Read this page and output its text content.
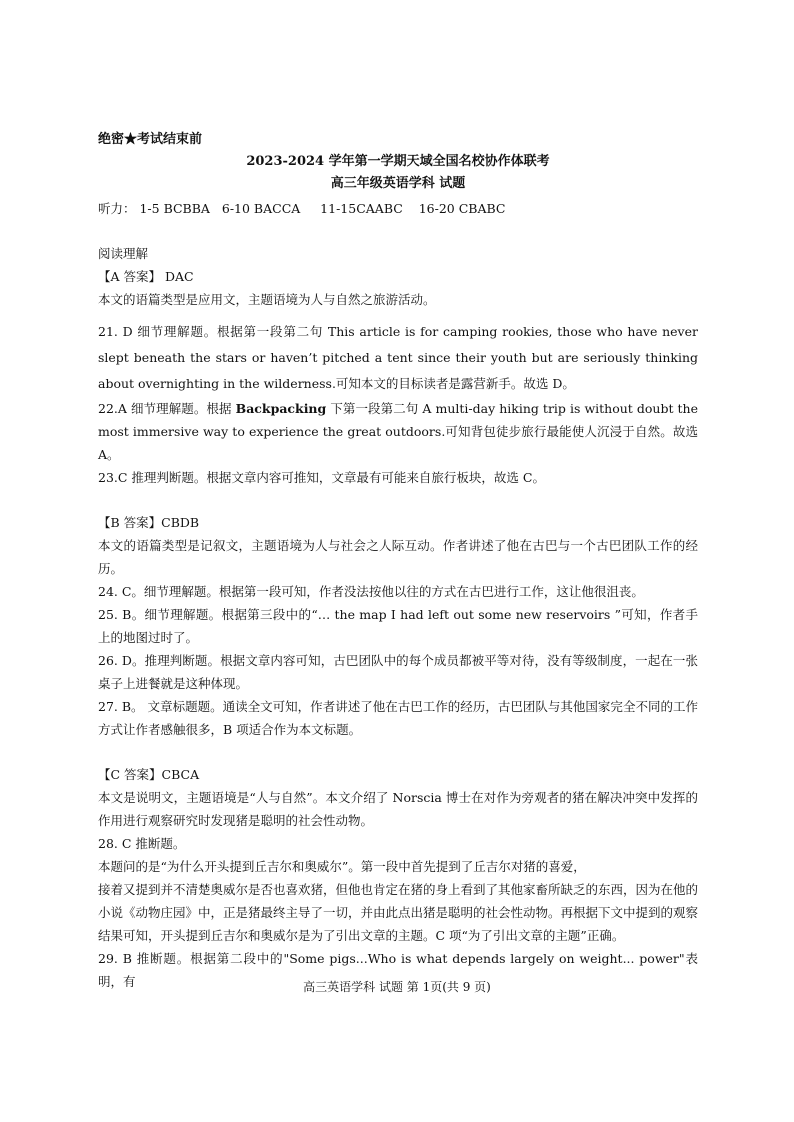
绝密★考试结束前
2023-2024 学年第一学期天域全国名校协作体联考
高三年级英语学科 试题
听力： 1-5 BCBBA   6-10 BACCA     11-15CAABC    16-20 CBABC
阅读理解
【A 答案】 DAC

本文的语篇类型是应用文，主题语境为人与自然之旅游活动。

21. D 细节理解题。根据第一段第二句 This article is for camping rookies, those who have never slept beneath the stars or haven’t pitched a tent since their youth but are seriously thinking about overnighting in the wilderness.可知本文的目标读者是露营新手。故选 D。

22.A 细节理解题。根据 Backpacking 下第一段第二句 A multi-day hiking trip is without doubt the most immersive way to experience the great outdoors.可知背包徒步旅行最能使人沉浸于自然。故选 A。

23.C 推理判断题。根据文章内容可推知，文章最有可能来自旅行板块，故选 C。

【B 答案】CBDB

本文的语篇类型是记叙文，主题语境为人与社会之人际互动。作者讲述了他在古巴与一个古巴团队工作的经历。

24. C。细节理解题。根据第一段可知，作者没法按他以往的方式在古巴进行工作，这让他很沮丧。

25. B。细节理解题。根据第三段中的“… the map I had left out some new reservoirs ”可知，作者手上的地图过时了。

26. D。推理判断题。根据文章内容可知，古巴团队中的每个成员都被平等对待，没有等级制度，一起在一张桌子上进餐就是这种体现。

27. B。 文章标题题。通读全文可知，作者讲述了他在古巴工作的经历，古巴团队与其他国家完全不同的工作方式让作者感触很多，B 项适合作为本文标题。

【C 答案】CBCA

本文是说明文，主题语境是“人与自然”。本文介绍了 Norscia 博士在对作为旁观者的猪在解决冲突中发挥的作用进行观察研究时发现猪是聪明的社会性动物。

28. C 推断题。

本题问的是“为什么开头提到丘吉尔和奥威尔”。第一段中首先提到了丘吉尔对猪的喜爱，

接着又提到并不清楚奥威尔是否也喜欢猪，但他也肯定在猪的身上看到了其他家畜所缺乏的东西，因为在他的小说《动物庄园》中，正是猪最终主导了一切，并由此点出猪是聪明的社会性动物。再根据下文中提到的观察结果可知，开头提到丘吉尔和奥威尔是为了引出文章的主题。C 项“为了引出文章的主题”正确。

29. B 推断题。根据第二段中的"Some pigs...Who is what depends largely on weight... power"表明，有	高三英语学科 试题 第 1页(共 9 页)
